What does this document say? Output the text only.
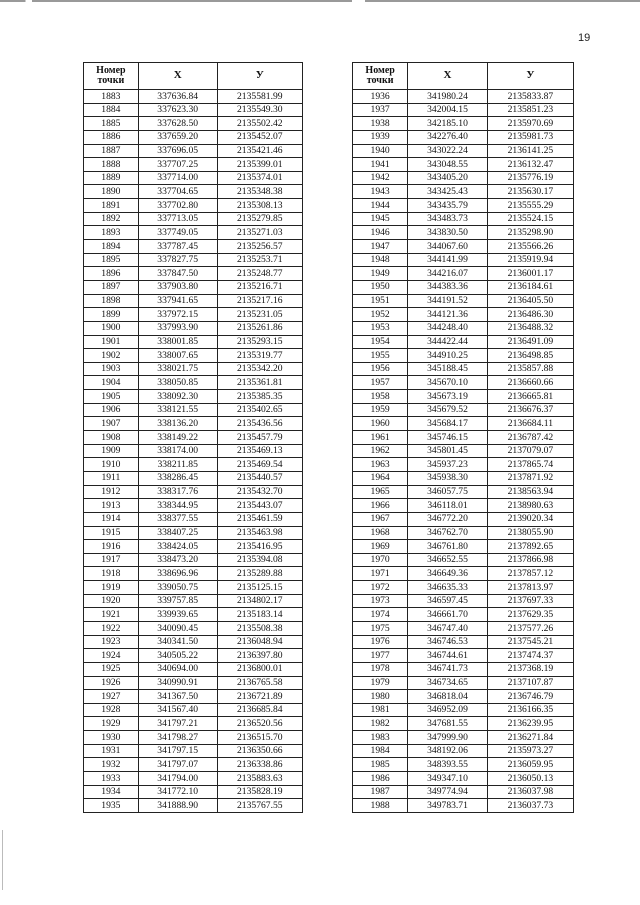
19
Номер
точки	Х	У
1883	337636.84	2135581.99
1884	337623.30	2135549.30
1885	337628.50	2135502.42
1886	337659.20	2135452.07
1887	337696.05	2135421.46
1888	337707.25	2135399.01
1889	337714.00	2135374.01
1890	337704.65	2135348.38
1891	337702.80	2135308.13
1892	337713.05	2135279.85
1893	337749.05	2135271.03
1894	337787.45	2135256.57
1895	337827.75	2135253.71
1896	337847.50	2135248.77
1897	337903.80	2135216.71
1898	337941.65	2135217.16
1899	337972.15	2135231.05
1900	337993.90	2135261.86
1901	338001.85	2135293.15
1902	338007.65	2135319.77
1903	338021.75	2135342.20
1904	338050.85	2135361.81
1905	338092.30	2135385.35
1906	338121.55	2135402.65
1907	338136.20	2135436.56
1908	338149.22	2135457.79
1909	338174.00	2135469.13
1910	338211.85	2135469.54
1911	338286.45	2135440.57
1912	338317.76	2135432.70
1913	338344.95	2135443.07
1914	338377.55	2135461.59
1915	338407.25	2135463.98
1916	338424.05	2135416.95
1917	338473.20	2135394.08
1918	338696.96	2135289.88
1919	339050.75	2135125.15
1920	339757.85	2134802.17
1921	339939.65	2135183.14
1922	340090.45	2135508.38
1923	340341.50	2136048.94
1924	340505.22	2136397.80
1925	340694.00	2136800.01
1926	340990.91	2136765.58
1927	341367.50	2136721.89
1928	341567.40	2136685.84
1929	341797.21	2136520.56
1930	341798.27	2136515.70
1931	341797.15	2136350.66
1932	341797.07	2136338.86
1933	341794.00	2135883.63
1934	341772.10	2135828.19
1935	341888.90	2135767.55
Номер
точки	Х	У
1936	341980.24	2135833.87
1937	342004.15	2135851.23
1938	342185.10	2135970.69
1939	342276.40	2135981.73
1940	343022.24	2136141.25
1941	343048.55	2136132.47
1942	343405.20	2135776.19
1943	343425.43	2135630.17
1944	343435.79	2135555.29
1945	343483.73	2135524.15
1946	343830.50	2135298.90
1947	344067.60	2135566.26
1948	344141.99	2135919.94
1949	344216.07	2136001.17
1950	344383.36	2136184.61
1951	344191.52	2136405.50
1952	344121.36	2136486.30
1953	344248.40	2136488.32
1954	344422.44	2136491.09
1955	344910.25	2136498.85
1956	345188.45	2135857.88
1957	345670.10	2136660.66
1958	345673.19	2136665.81
1959	345679.52	2136676.37
1960	345684.17	2136684.11
1961	345746.15	2136787.42
1962	345801.45	2137079.07
1963	345937.23	2137865.74
1964	345938.30	2137871.92
1965	346057.75	2138563.94
1966	346118.01	2138980.63
1967	346772.20	2139020.34
1968	346762.70	2138055.90
1969	346761.80	2137892.65
1970	346652.55	2137866.98
1971	346649.36	2137857.12
1972	346635.33	2137813.97
1973	346597.45	2137697.33
1974	346661.70	2137629.35
1975	346747.40	2137577.26
1976	346746.53	2137545.21
1977	346744.61	2137474.37
1978	346741.73	2137368.19
1979	346734.65	2137107.87
1980	346818.04	2136746.79
1981	346952.09	2136166.35
1982	347681.55	2136239.95
1983	347999.90	2136271.84
1984	348192.06	2135973.27
1985	348393.55	2136059.95
1986	349347.10	2136050.13
1987	349774.94	2136037.98
1988	349783.71	2136037.73
